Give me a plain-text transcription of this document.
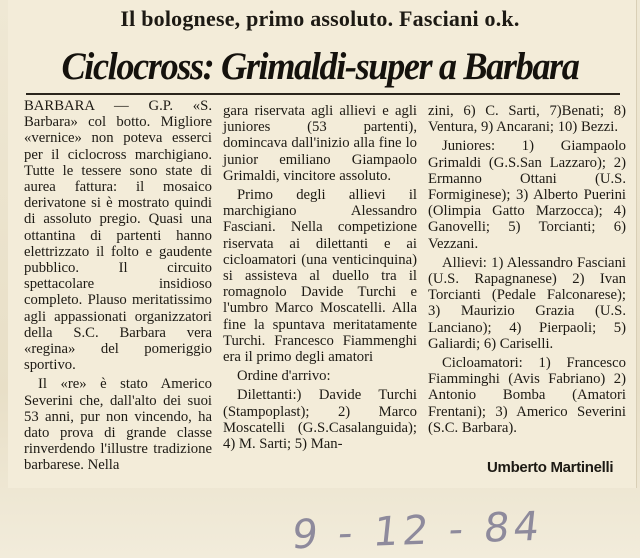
Il bolognese, primo assoluto. Fasciani o.k.
Ciclocross: Grimaldi-super a Barbara

BARBARA — G.P. «S. Barbara» col botto. Migliore «vernice» non poteva esserci per il ciclocross marchigiano. Tutte le tessere sono state di aurea fattura: il mosaico derivatone si è mostrato quindi di assoluto pregio. Quasi una ottantina di partenti hanno elettrizzato il folto e gaudente pubblico. Il circuito spettacolare insidioso completo. Plauso meritatissimo agli appassionati organizzatori della S.C. Barbara vera «regina» del pomeriggio sportivo.

Il «re» è stato Americo Severini che, dall'alto dei suoi 53 anni, pur non vincendo, ha dato prova di grande classe rinverdendo l'illustre tradizione barbarese. Nella

gara riservata agli allievi e agli juniores (53 partenti), domincava dall'inizio alla fine lo junior emiliano Giampaolo Grimaldi, vincitore assoluto.

Primo degli allievi il marchigiano Alessandro Fasciani. Nella competizione riservata ai dilettanti e ai cicloamatori (una venticinquina) si assisteva al duello tra il romagnolo Davide Turchi e l'umbro Marco Moscatelli. Alla fine la spuntava meritatamente Turchi. Francesco Fiammenghi era il primo degli amatori

Ordine d'arrivo:

Dilettanti:) Davide Turchi (Stampoplast); 2) Marco Moscatelli (G.S.Casalanguida); 4) M. Sarti; 5) Man-

zini, 6) C. Sarti, 7)Benati; 8) Ventura, 9) Ancarani; 10) Bezzi.

Juniores: 1) Giampaolo Grimaldi (G.S.San Lazzaro); 2) Ermanno Ottani (U.S. Formiginese); 3) Alberto Puerini (Olimpia Gatto Marzocca); 4) Ganovelli; 5) Torcianti; 6) Vezzani.

Allievi: 1) Alessandro Fasciani (U.S. Rapagnanese) 2) Ivan Torcianti (Pedale Falconarese); 3) Maurizio Grazia (U.S. Lanciano); 4) Pierpaoli; 5) Galiardi; 6) Cariselli.

Cicloamatori: 1) Francesco Fiamminghi (Avis Fabriano) 2) Antonio Bomba (Amatori Frentani); 3) Americo Severini (S.C. Barbara).

Umberto Martinelli
9 - 12 - 84
